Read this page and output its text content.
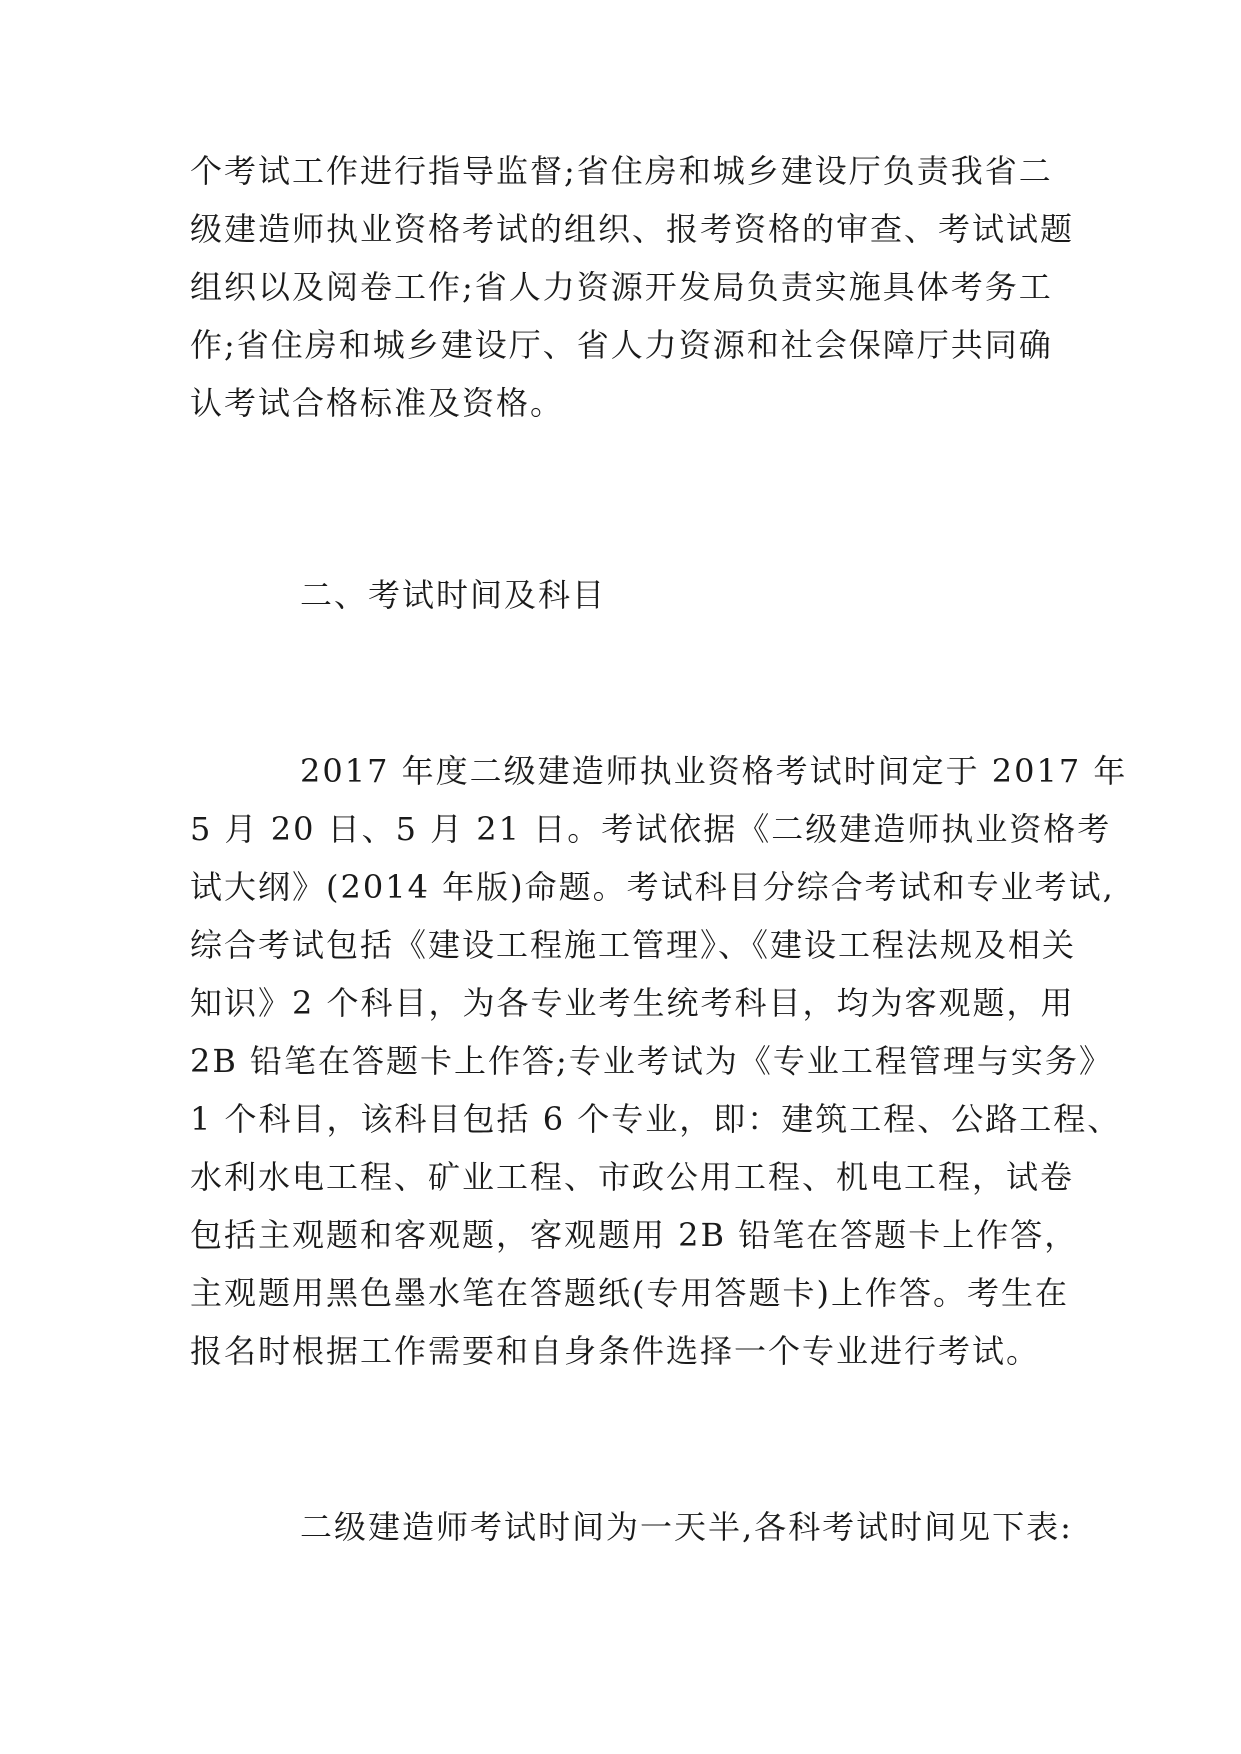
个考试工作进行指导监督;省住房和城乡建设厅负责我省二

级建造师执业资格考试的组织、报考资格的审查、考试试题

组织以及阅卷工作;省人力资源开发局负责实施具体考务工

作;省住房和城乡建设厅、省人力资源和社会保障厅共同确

认考试合格标准及资格。

二、考试时间及科目

2017 年度二级建造师执业资格考试时间定于 2017 年

5 月 20 日、5 月 21 日。考试依据《二级建造师执业资格考

试大纲》(2014 年版)命题。考试科目分综合考试和专业考试,

综合考试包括《建设工程施工管理》、《建设工程法规及相关

知识》2 个科目，为各专业考生统考科目，均为客观题，用

2B 铅笔在答题卡上作答;专业考试为《专业工程管理与实务》

1 个科目，该科目包括 6 个专业，即：建筑工程、公路工程、

水利水电工程、矿业工程、市政公用工程、机电工程，试卷

包括主观题和客观题，客观题用 2B 铅笔在答题卡上作答，

主观题用黑色墨水笔在答题纸(专用答题卡)上作答。考生在

报名时根据工作需要和自身条件选择一个专业进行考试。

二级建造师考试时间为一天半,各科考试时间见下表:
